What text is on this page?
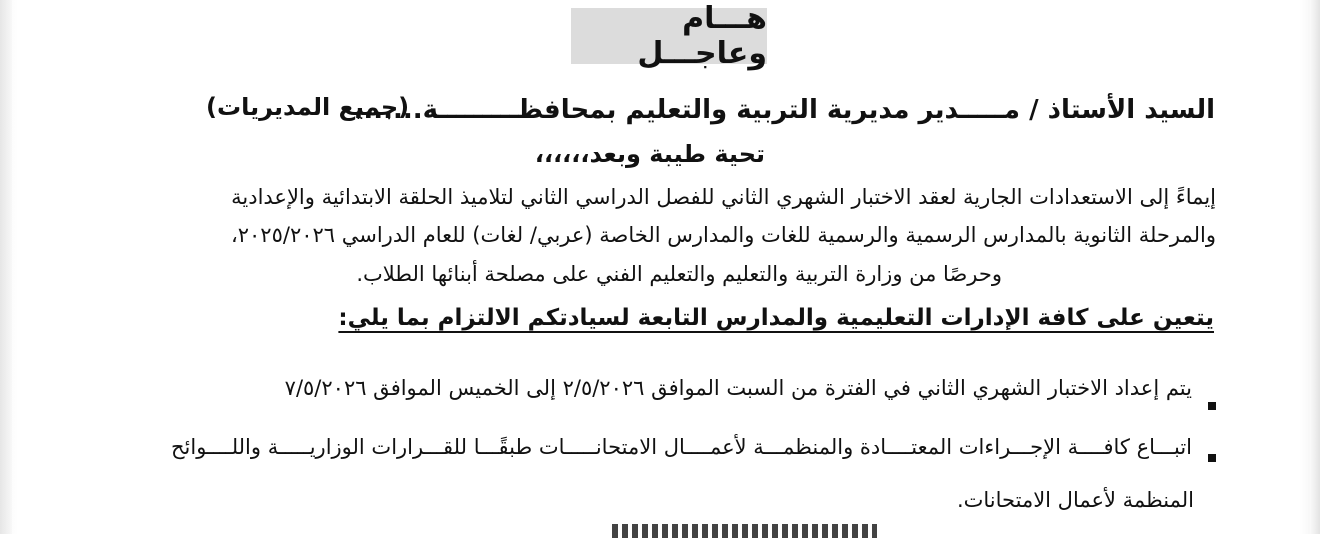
هـــام وعاجـــل
السيد الأستاذ / مـــــدير مديرية التربية والتعليم بمحافظـــــــــة.......
(جميع المديريات)
تحية طيبة وبعد،،،،،،
إيماءً إلى الاستعدادات الجارية لعقد الاختبار الشهري الثاني للفصل الدراسي الثاني لتلاميذ الحلقة الابتدائية والإعدادية
والمرحلة الثانوية بالمدارس الرسمية والرسمية للغات والمدارس الخاصة (عربي/ لغات) للعام الدراسي ٢٠٢٥/٢٠٢٦،
وحرصًا من وزارة التربية والتعليم والتعليم الفني على مصلحة أبنائها الطلاب.
يتعين على كافة الإدارات التعليمية والمدارس التابعة لسيادتكم الالتزام بما يلي:
يتم إعداد الاختبار الشهري الثاني في الفترة من السبت الموافق ٢/٥/٢٠٢٦ إلى الخميس الموافق ٧/٥/٢٠٢٦
اتبـــاع كافــــة الإجـــراءات المعتــــادة والمنظمـــة لأعمــــال الامتحانـــــات طبقًـــا للقـــرارات الوزاريـــــة واللــــوائح
المنظمة لأعمال الامتحانات.
